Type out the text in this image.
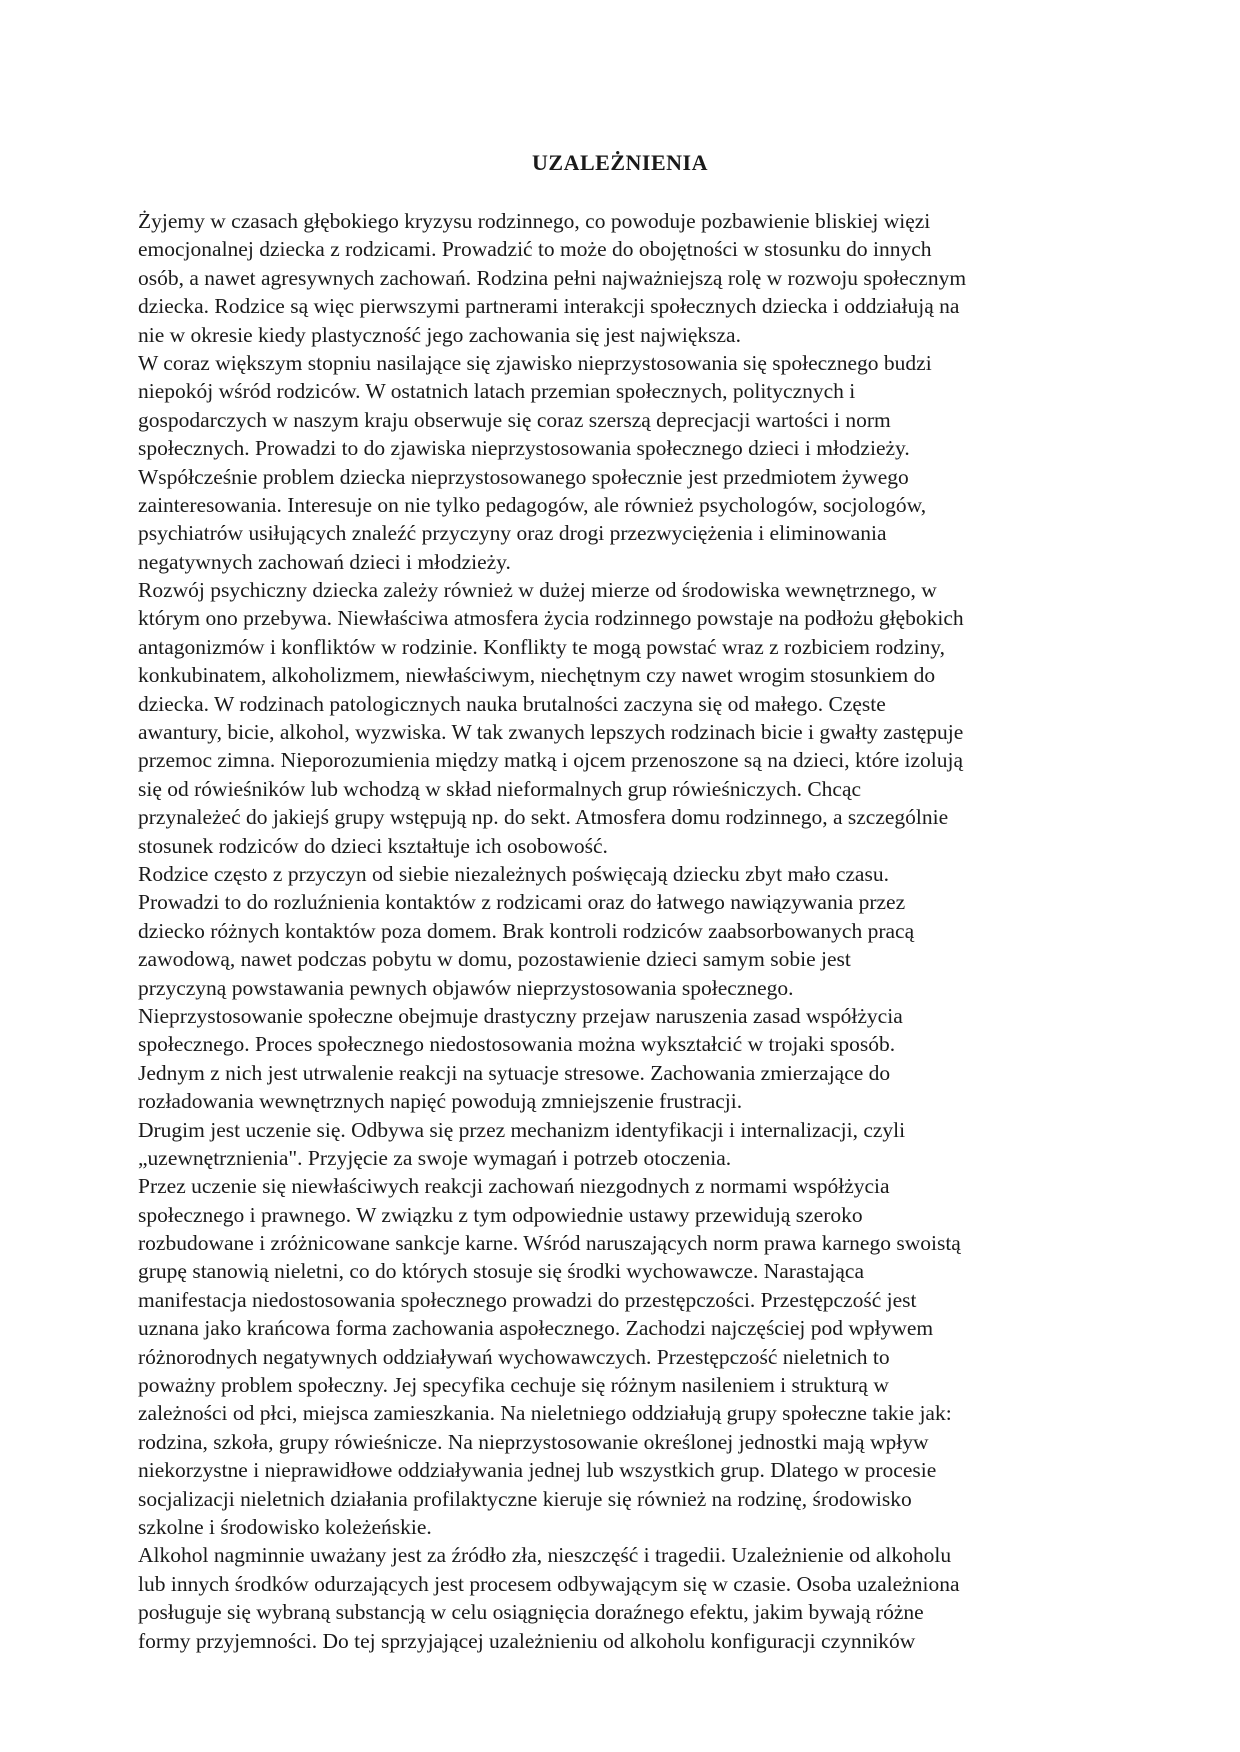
UZALEŻNIENIA
Żyjemy w czasach głębokiego kryzysu rodzinnego, co powoduje pozbawienie bliskiej więzi
emocjonalnej dziecka z rodzicami. Prowadzić to może do obojętności w stosunku do innych
osób, a nawet agresywnych zachowań. Rodzina pełni najważniejszą rolę w rozwoju społecznym
dziecka. Rodzice są więc pierwszymi partnerami interakcji społecznych dziecka i oddziałują na
nie w okresie kiedy plastyczność jego zachowania się jest największa.
W coraz większym stopniu nasilające się zjawisko nieprzystosowania się społecznego budzi
niepokój wśród rodziców. W ostatnich latach przemian społecznych, politycznych i
gospodarczych w naszym kraju obserwuje się coraz szerszą deprecjacji wartości i norm
społecznych. Prowadzi to do zjawiska nieprzystosowania społecznego dzieci i młodzieży.
Współcześnie problem dziecka nieprzystosowanego społecznie jest przedmiotem żywego
zainteresowania. Interesuje on nie tylko pedagogów, ale również psychologów, socjologów,
psychiatrów usiłujących znaleźć przyczyny oraz drogi przezwyciężenia i eliminowania
negatywnych zachowań dzieci i młodzieży.
Rozwój psychiczny dziecka zależy również w dużej mierze od środowiska wewnętrznego, w
którym ono przebywa. Niewłaściwa atmosfera życia rodzinnego powstaje na podłożu głębokich
antagonizmów i konfliktów w rodzinie. Konflikty te mogą powstać wraz z rozbiciem rodziny,
konkubinatem, alkoholizmem, niewłaściwym, niechętnym czy nawet wrogim stosunkiem do
dziecka. W rodzinach patologicznych nauka brutalności zaczyna się od małego. Częste
awantury, bicie, alkohol, wyzwiska. W tak zwanych lepszych rodzinach bicie i gwałty zastępuje
przemoc zimna. Nieporozumienia między matką i ojcem przenoszone są na dzieci, które izolują
się od rówieśników lub wchodzą w skład nieformalnych grup rówieśniczych. Chcąc
przynależeć do jakiejś grupy wstępują np. do sekt. Atmosfera domu rodzinnego, a szczególnie
stosunek rodziców do dzieci kształtuje ich osobowość.
Rodzice często z przyczyn od siebie niezależnych poświęcają dziecku zbyt mało czasu.
Prowadzi to do rozluźnienia kontaktów z rodzicami oraz do łatwego nawiązywania przez
dziecko różnych kontaktów poza domem. Brak kontroli rodziców zaabsorbowanych pracą
zawodową, nawet podczas pobytu w domu, pozostawienie dzieci samym sobie jest
przyczyną powstawania pewnych objawów nieprzystosowania społecznego.
Nieprzystosowanie społeczne obejmuje drastyczny przejaw naruszenia zasad współżycia
społecznego. Proces społecznego niedostosowania można wykształcić w trojaki sposób.
Jednym z nich jest utrwalenie reakcji na sytuacje stresowe. Zachowania zmierzające do
rozładowania wewnętrznych napięć powodują zmniejszenie frustracji.
Drugim jest uczenie się. Odbywa się przez mechanizm identyfikacji i internalizacji, czyli
„uzewnętrznienia". Przyjęcie za swoje wymagań i potrzeb otoczenia.
Przez uczenie się niewłaściwych reakcji zachowań niezgodnych z normami współżycia
społecznego i prawnego. W związku z tym odpowiednie ustawy przewidują szeroko
rozbudowane i zróżnicowane sankcje karne. Wśród naruszających norm prawa karnego swoistą
grupę stanowią nieletni, co do których stosuje się środki wychowawcze. Narastająca
manifestacja niedostosowania społecznego prowadzi do przestępczości. Przestępczość jest
uznana jako krańcowa forma zachowania aspołecznego. Zachodzi najczęściej pod wpływem
różnorodnych negatywnych oddziaływań wychowawczych. Przestępczość nieletnich to
poważny problem społeczny. Jej specyfika cechuje się różnym nasileniem i strukturą w
zależności od płci, miejsca zamieszkania. Na nieletniego oddziałują grupy społeczne takie jak:
rodzina, szkoła, grupy rówieśnicze. Na nieprzystosowanie określonej jednostki mają wpływ
niekorzystne i nieprawidłowe oddziaływania jednej lub wszystkich grup. Dlatego w procesie
socjalizacji nieletnich działania profilaktyczne kieruje się również na rodzinę, środowisko
szkolne i środowisko koleżeńskie.
Alkohol nagminnie uważany jest za źródło zła, nieszczęść i tragedii. Uzależnienie od alkoholu
lub innych środków odurzających jest procesem odbywającym się w czasie. Osoba uzależniona
posługuje się wybraną substancją w celu osiągnięcia doraźnego efektu, jakim bywają różne
formy przyjemności. Do tej sprzyjającej uzależnieniu od alkoholu konfiguracji czynników
